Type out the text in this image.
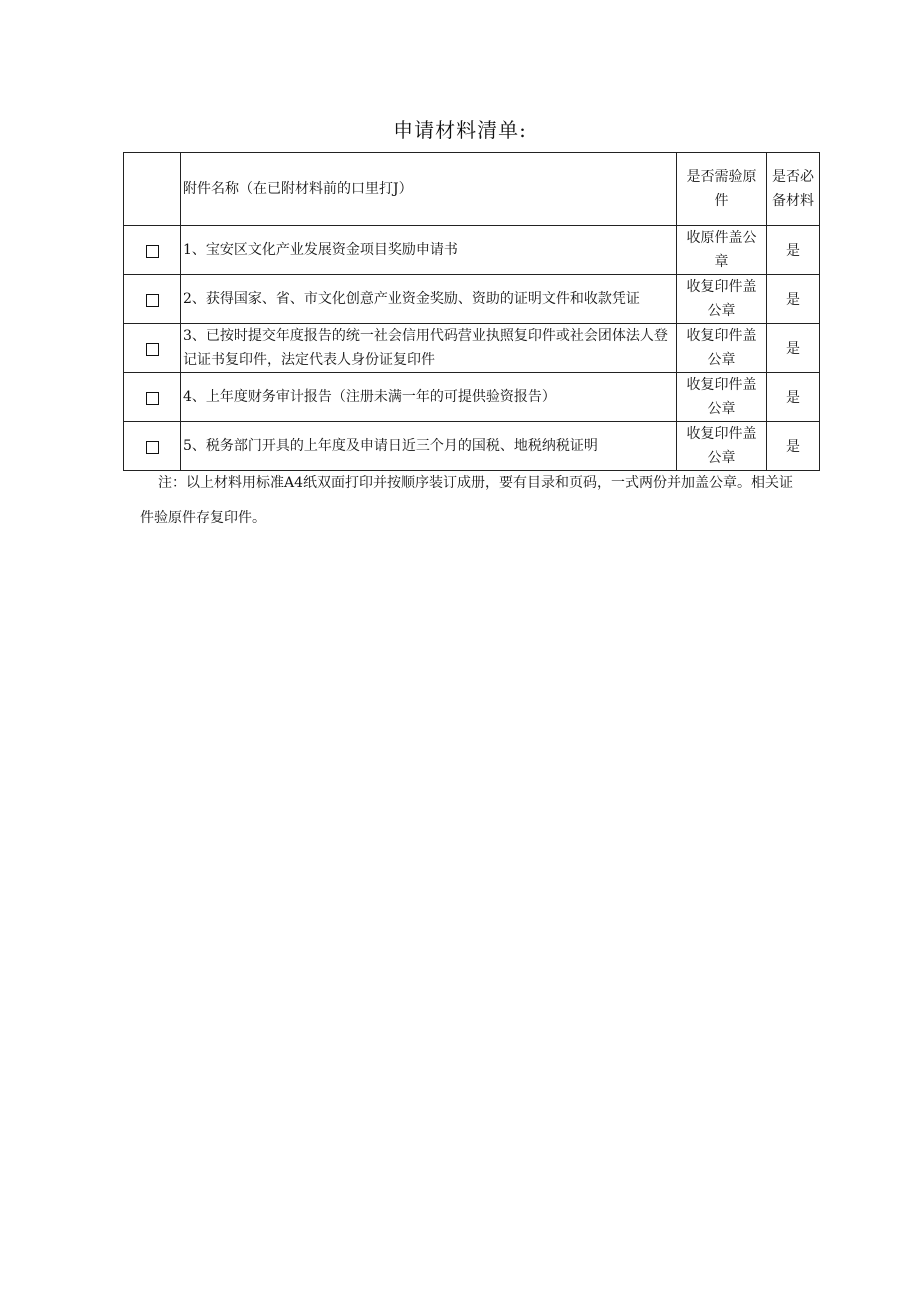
申请材料清单:
	附件名称（在已附材料前的口里打J）	是否需验原件	是否必备材料
	1、宝安区文化产业发展资金项目奖励申请书	收原件盖公章	是
	2、获得国家、省、市文化创意产业资金奖励、资助的证明文件和收款凭证	收复印件盖公章	是
	3、已按时提交年度报告的统一社会信用代码营业执照复印件或社会团体法人登记证书复印件，法定代表人身份证复印件	收复印件盖公章	是
	4、上年度财务审计报告（注册未满一年的可提供验资报告）	收复印件盖公章	是
	5、税务部门开具的上年度及申请日近三个月的国税、地税纳税证明	收复印件盖公章	是
注：以上材料用标准A4纸双面打印并按顺序装订成册，要有目录和页码，一式两份并加盖公章。相关证件验原件存复印件。
